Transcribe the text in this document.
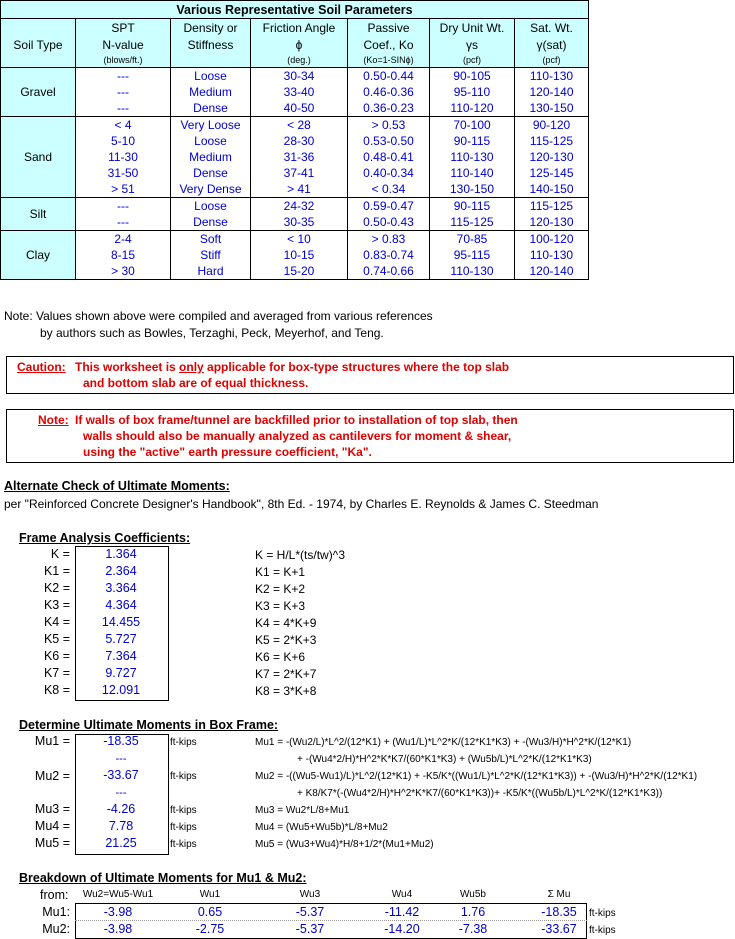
Various Representative Soil Parameters						
	SPT	Density or	Friction Angle	Passive	Dry Unit Wt.	Sat. Wt.
Soil Type	N-value	Stiffness	ϕ	Coef., Ko	γs	γ(sat)
	(blows/ft.)		(deg.)	(Ko=1-SINϕ)	(pcf)	(pcf)
Gravel	---	Loose	30-34	0.50-0.44	90-105	110-130
	---	Medium	33-40	0.46-0.36	95-110	120-140
	---	Dense	40-50	0.36-0.23	110-120	130-150
Sand	< 4	Very Loose	< 28	> 0.53	70-100	90-120
	5-10	Loose	28-30	0.53-0.50	90-115	115-125
	11-30	Medium	31-36	0.48-0.41	110-130	120-130
	31-50	Dense	37-41	0.40-0.34	110-140	125-145
	> 51	Very Dense	> 41	< 0.34	130-150	140-150
Silt	---	Loose	24-32	0.59-0.47	90-115	115-125
	---	Dense	30-35	0.50-0.43	115-125	120-130
Clay	2-4	Soft	< 10	> 0.83	70-85	100-120
	8-15	Stiff	10-15	0.83-0.74	95-115	110-130
	> 30	Hard	15-20	0.74-0.66	110-130	120-140
Note: Values shown above were compiled and averaged from various references
by authors such as Bowles, Terzaghi, Peck, Meyerhof, and Teng.
Caution: This worksheet is only applicable for box-type structures where the top slab
and bottom slab are of equal thickness.
Note: If walls of box frame/tunnel are backfilled prior to installation of top slab, then
walls should also be manually analyzed as cantilevers for moment & shear,
using the "active" earth pressure coefficient, "Ka".
Alternate Check of Ultimate Moments:
per "Reinforced Concrete Designer's Handbook", 8th Ed. - 1974, by Charles E. Reynolds & James C. Steedman
Frame Analysis Coefficients:
K =	1.364	K = H/L*(ts/tw)^3
K1 =	2.364	K1 = K+1
K2 =	3.364	K2 = K+2
K3 =	4.364	K3 = K+3
K4 =	14.455	K4 = 4*K+9
K5 =	5.727	K5 = 2*K+3
K6 =	7.364	K6 = K+6
K7 =	9.727	K7 = 2*K+7
K8 =	12.091	K8 = 3*K+8
Determine Ultimate Moments in Box Frame:
Mu1 =	-18.35	ft-kips	Mu1 = -(Wu2/L)*L^2/(12*K1) + (Wu1/L)*L^2*K/(12*K1*K3) + -(Wu3/H)*H^2*K/(12*K1)
---	+ -(Wu4*2/H)*H^2*K*K7/(60*K1*K3) + (Wu5b/L)*L^2*K/(12*K1*K3)
Mu2 =	-33.67	ft-kips	Mu2 = -((Wu5-Wu1)/L)*L^2/(12*K1) + -K5/K*((Wu1/L)*L^2*K/(12*K1*K3)) + -(Wu3/H)*H^2*K/(12*K1)
---	+ K8/K7*(-(Wu4*2/H)*H^2*K*K7/(60*K1*K3))+ -K5/K*((Wu5b/L)*L^2*K/(12*K1*K3))
Mu3 =	-4.26	ft-kips	Mu3 = Wu2*L/8+Mu1
Mu4 =	7.78	ft-kips	Mu4 = (Wu5+Wu5b)*L/8+Mu2
Mu5 =	21.25	ft-kips	Mu5 = (Wu3+Wu4)*H/8+1/2*(Mu1+Mu2)
Breakdown of Ultimate Moments for Mu1 & Mu2:
from:	Wu2=Wu5-Wu1	Wu1	Wu3	Wu4	Wu5b	Σ Mu
Mu1:	-3.98	0.65	-5.37	-11.42	1.76	-18.35	ft-kips
Mu2:	-3.98	-2.75	-5.37	-14.20	-7.38	-33.67	ft-kips
